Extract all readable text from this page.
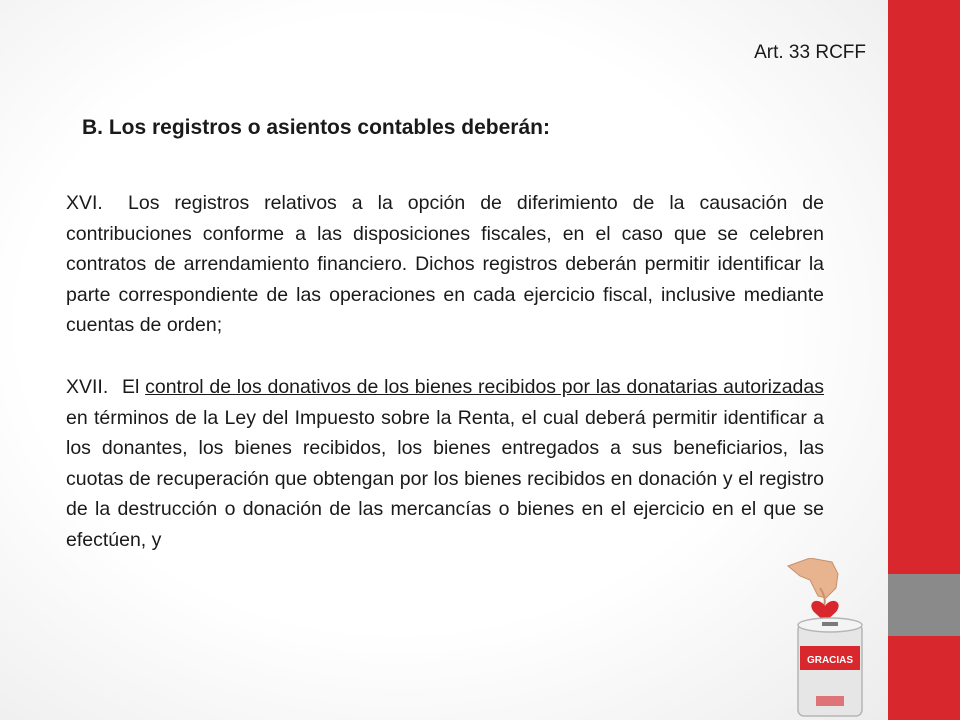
Art. 33 RCFF
B. Los registros o asientos contables deberán:
XVI. Los registros relativos a la opción de diferimiento de la causación de contribuciones conforme a las disposiciones fiscales, en el caso que se celebren contratos de arrendamiento financiero. Dichos registros deberán permitir identificar la parte correspondiente de las operaciones en cada ejercicio fiscal, inclusive mediante cuentas de orden;
XVII. El control de los donativos de los bienes recibidos por las donatarias autorizadas en términos de la Ley del Impuesto sobre la Renta, el cual deberá permitir identificar a los donantes, los bienes recibidos, los bienes entregados a sus beneficiarios, las cuotas de recuperación que obtengan por los bienes recibidos en donación y el registro de la destrucción o donación de las mercancías o bienes en el ejercicio en el que se efectúen, y
GRACIAS
